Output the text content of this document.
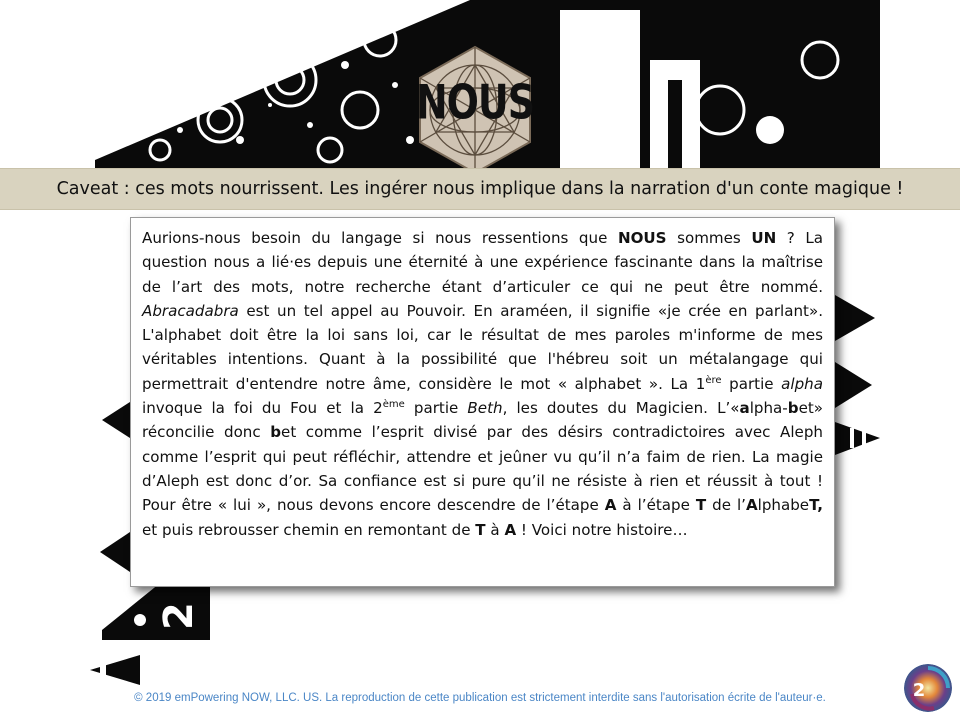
2
NOUS
Caveat : ces mots nourrissent. Les ingérer nous implique dans la narration d'un conte magique !
Aurions-nous besoin du langage si nous ressentions que NOUS sommes UN ? La question nous a lié·es depuis une éternité à une expérience fascinante dans la maîtrise de l’art des mots, notre recherche étant d’articuler ce qui ne peut être nommé. Abracadabra est un tel appel au Pouvoir. En araméen, il signifie «je crée en parlant». L'alphabet doit être la loi sans loi, car le résultat de mes paroles m'informe de mes véritables intentions. Quant à la possibilité que l'hébreu soit un métalangage qui permettrait d'entendre notre âme, considère le mot « alphabet ». La 1ère partie alpha invoque la foi du Fou et la 2ème partie Beth, les doutes du Magicien. L’«alpha-bet» réconcilie donc bet comme l’esprit divisé par des désirs contradictoires avec Aleph comme l’esprit qui peut réfléchir, attendre et jeûner vu qu’il n’a faim de rien. La magie d’Aleph est donc d’or. Sa confiance est si pure qu’il ne résiste à rien et réussit à tout ! Pour être « lui », nous devons encore descendre de l’étape A à l’étape T de l’AlphabeT, et puis rebrousser chemin en remontant de T à A ! Voici notre histoire…
© 2019 emPowering NOW, LLC. US. La reproduction de cette publication est strictement interdite sans l'autorisation écrite de l'auteur·e.	2
